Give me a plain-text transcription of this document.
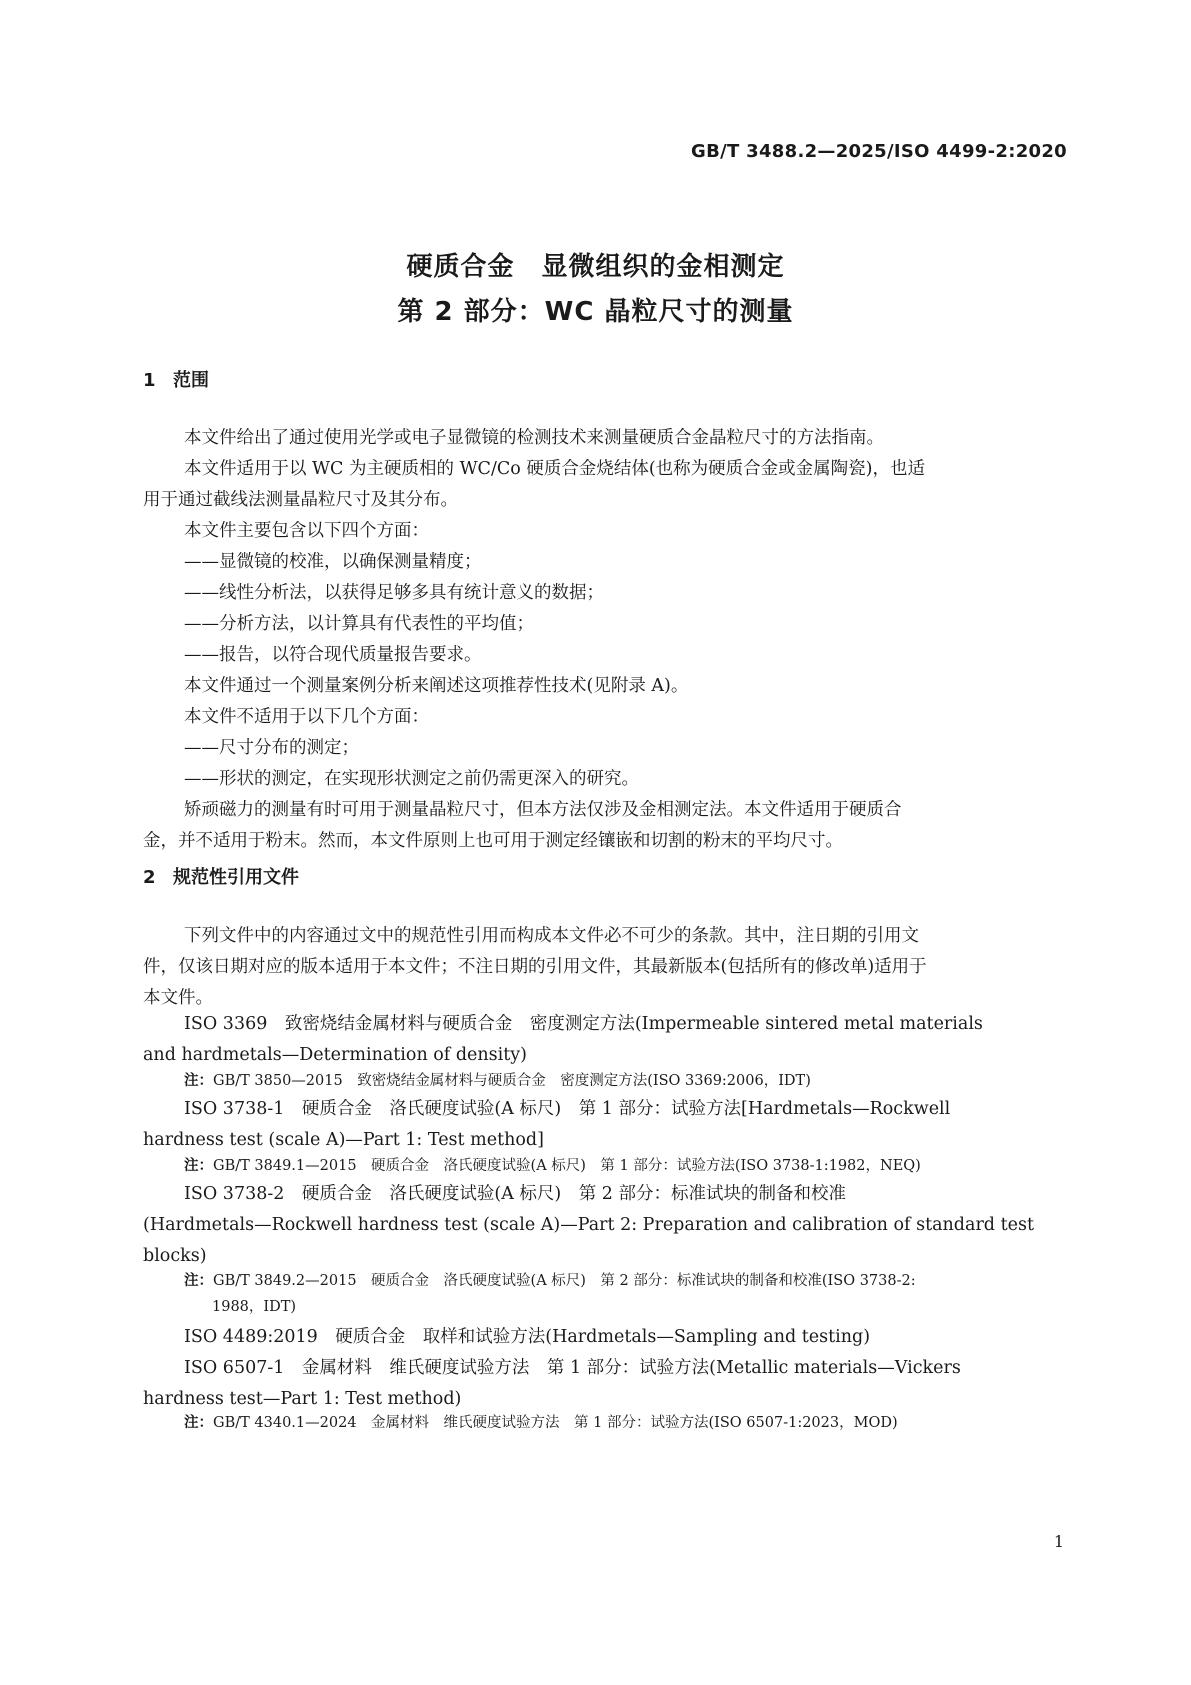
GB/T 3488.2—2025/ISO 4499-2:2020
硬质合金　显微组织的金相测定
第 2 部分：WC 晶粒尺寸的测量
1 范围
本文件给出了通过使用光学或电子显微镜的检测技术来测量硬质合金晶粒尺寸的方法指南。
本文件适用于以 WC 为主硬质相的 WC/Co 硬质合金烧结体(也称为硬质合金或金属陶瓷)，也适
用于通过截线法测量晶粒尺寸及其分布。
本文件主要包含以下四个方面：
——显微镜的校准，以确保测量精度；
——线性分析法，以获得足够多具有统计意义的数据；
——分析方法，以计算具有代表性的平均值；
——报告，以符合现代质量报告要求。
本文件通过一个测量案例分析来阐述这项推荐性技术(见附录 A)。
本文件不适用于以下几个方面：
——尺寸分布的测定；
——形状的测定，在实现形状测定之前仍需更深入的研究。
矫顽磁力的测量有时可用于测量晶粒尺寸，但本方法仅涉及金相测定法。本文件适用于硬质合
金，并不适用于粉末。然而，本文件原则上也可用于测定经镶嵌和切割的粉末的平均尺寸。
2 规范性引用文件
下列文件中的内容通过文中的规范性引用而构成本文件必不可少的条款。其中，注日期的引用文
件，仅该日期对应的版本适用于本文件；不注日期的引用文件，其最新版本(包括所有的修改单)适用于
本文件。
ISO 3369　致密烧结金属材料与硬质合金　密度测定方法(Impermeable sintered metal materials
and hardmetals—Determination of density)
注：GB/T 3850—2015　致密烧结金属材料与硬质合金　密度测定方法(ISO 3369:2006，IDT)
ISO 3738-1　硬质合金　洛氏硬度试验(A 标尺)　第 1 部分：试验方法[Hardmetals—Rockwell
hardness test (scale A)—Part 1: Test method]
注：GB/T 3849.1—2015　硬质合金　洛氏硬度试验(A 标尺)　第 1 部分：试验方法(ISO 3738-1:1982，NEQ)
ISO 3738-2　硬质合金　洛氏硬度试验(A 标尺)　第 2 部分：标准试块的制备和校准
(Hardmetals—Rockwell hardness test (scale A)—Part 2: Preparation and calibration of standard test
blocks)
注：GB/T 3849.2—2015　硬质合金　洛氏硬度试验(A 标尺)　第 2 部分：标准试块的制备和校准(ISO 3738-2:
1988，IDT)
ISO 4489:2019　硬质合金　取样和试验方法(Hardmetals—Sampling and testing)
ISO 6507-1　金属材料　维氏硬度试验方法　第 1 部分：试验方法(Metallic materials—Vickers
hardness test—Part 1: Test method)
注：GB/T 4340.1—2024　金属材料　维氏硬度试验方法　第 1 部分：试验方法(ISO 6507-1:2023，MOD)
1
